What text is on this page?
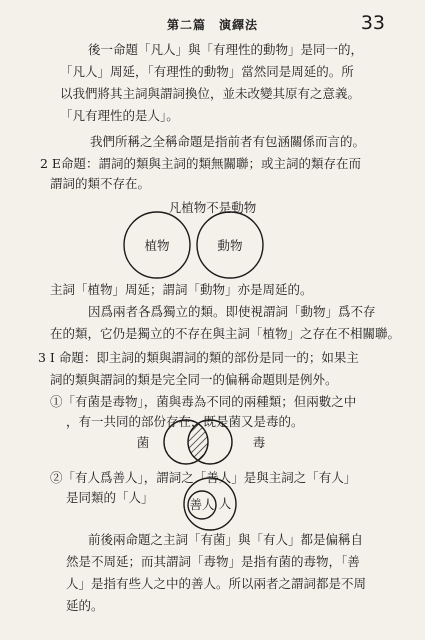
第二篇　演繹法	33
後一命題「凡人」與「有理性的動物」是同一的，
「凡人」周延，「有理性的動物」當然同是周延的。所
以我們將其主詞與謂詞換位，並未改變其原有之意義。
「凡有理性的是人」。
我們所稱之全稱命題是指前者有包涵關係而言的。
2 E命題：謂詞的類與主詞的類無關聯；或主詞的類存在而
謂詞的類不存在。
凡植物不是動物
植物	動物
菌	毒
善人 人
主詞「植物」周延；謂詞「動物」亦是周延的。
因爲兩者各爲獨立的類。即使視謂詞「動物」爲不存
在的類，它仍是獨立的不存在與主詞「植物」之存在不相關聯。
3 I 命題：即主詞的類與謂詞的類的部份是同一的；如果主
詞的類與謂詞的類是完全同一的偏稱命題則是例外。
①「有菌是毒物」，菌與毒為不同的兩種類；但兩數之中
，有一共同的部份存在，既是菌又是毒的。
②「有人爲善人」，謂詞之「善人」是與主詞之「有人」
是同類的「人」
前後兩命題之主詞「有菌」與「有人」都是偏稱自
然是不周延；而其謂詞「毒物」是指有菌的毒物，「善
人」是指有些人之中的善人。所以兩者之謂詞都是不周
延的。
